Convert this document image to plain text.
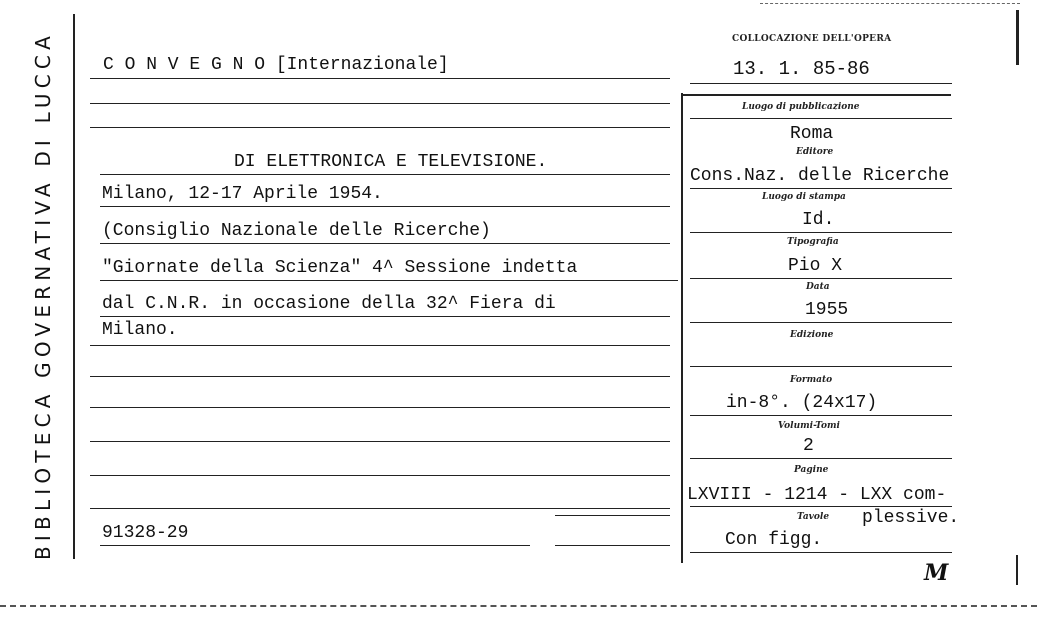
BIBLIOTECA GOVERNATIVA DI LUCCA	COLLOCAZIONE DELL'OPERA
13. 1. 85-86
C O N V E G N O [Internazionale]
DI ELETTRONICA E TELEVISIONE.
Milano, 12-17 Aprile 1954.
(Consiglio Nazionale delle Ricerche)
"Giornate della Scienza" 4^ Sessione indetta
dal C.N.R. in occasione della 32^ Fiera di
Milano.
91328-29
Luogo di pubblicazione
Roma
Editore
Cons.Naz. delle Ricerche
Luogo di stampa
Id.
Tipografia
Pio X
Data
1955
Edizione
Formato
in-8°. (24x17)
Volumi-Tomi
2
Pagine
LXVIII - 1214 - LXX com-
Tavole plessive.
Con figg.
M
